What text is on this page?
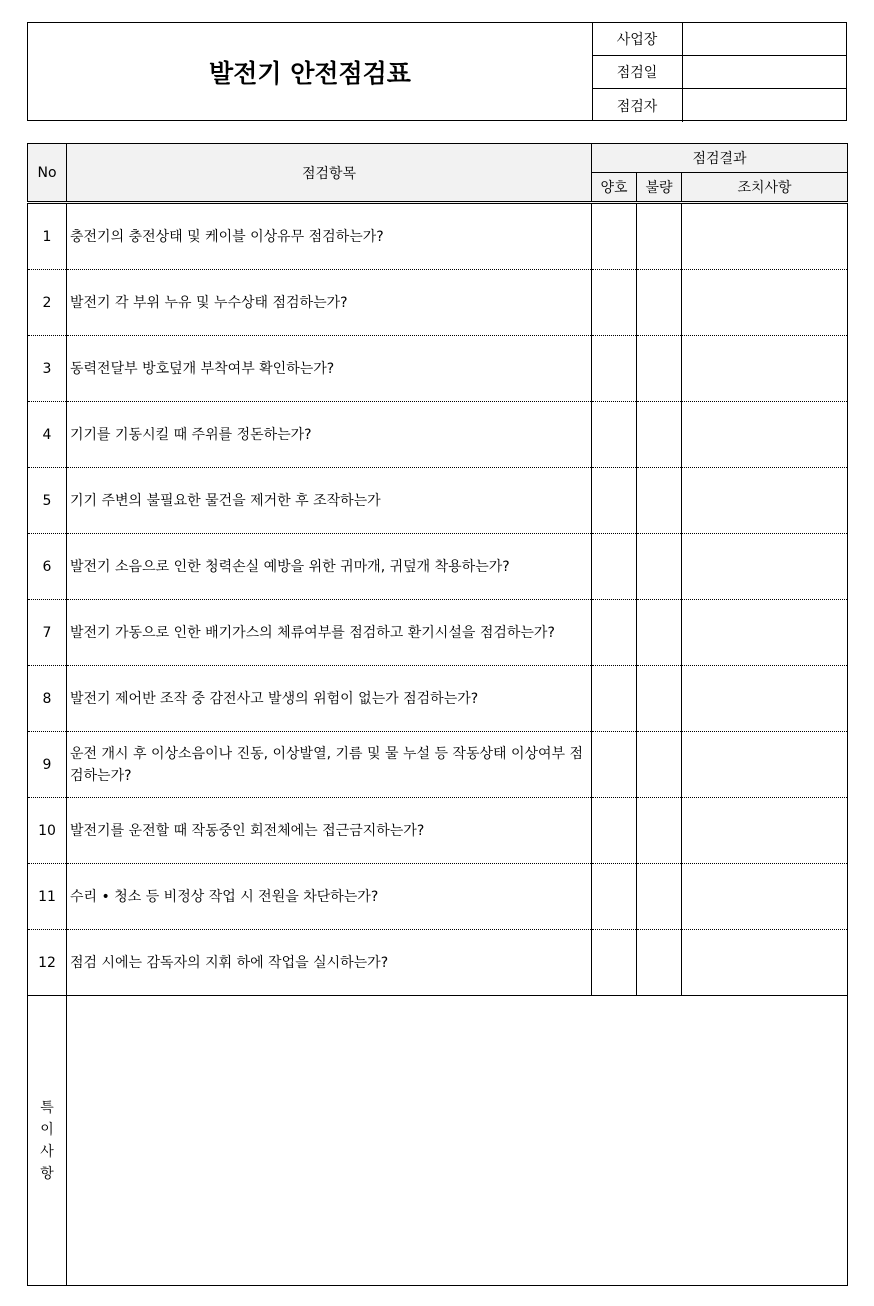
발전기 안전점검표
사업장
점검일
점검자
No	점검항목	점검결과		
		양호	불량	조치사항
1	충전기의 충전상태 및 케이블 이상유무 점검하는가?			
2	발전기 각 부위 누유 및 누수상태 점검하는가?			
3	동력전달부 방호덮개 부착여부 확인하는가?			
4	기기를 기동시킬 때 주위를 정돈하는가?			
5	기기 주변의 불필요한 물건을 제거한 후 조작하는가			
6	발전기 소음으로 인한 청력손실 예방을 위한 귀마개, 귀덮개 착용하는가?			
7	발전기 가동으로 인한 배기가스의 체류여부를 점검하고 환기시설을 점검하는가?			
8	발전기 제어반 조작 중 감전사고 발생의 위험이 없는가 점검하는가?			
9	운전 개시 후 이상소음이나 진동, 이상발열, 기름 및 물 누설 등 작동상태 이상여부 점검하는가?			
10	발전기를 운전할 때 작동중인 회전체에는 접근금지하는가?			
11	수리 • 청소 등 비정상 작업 시 전원을 차단하는가?			
12	점검 시에는 감독자의 지휘 하에 작업을 실시하는가?			
특
이
사
항				
